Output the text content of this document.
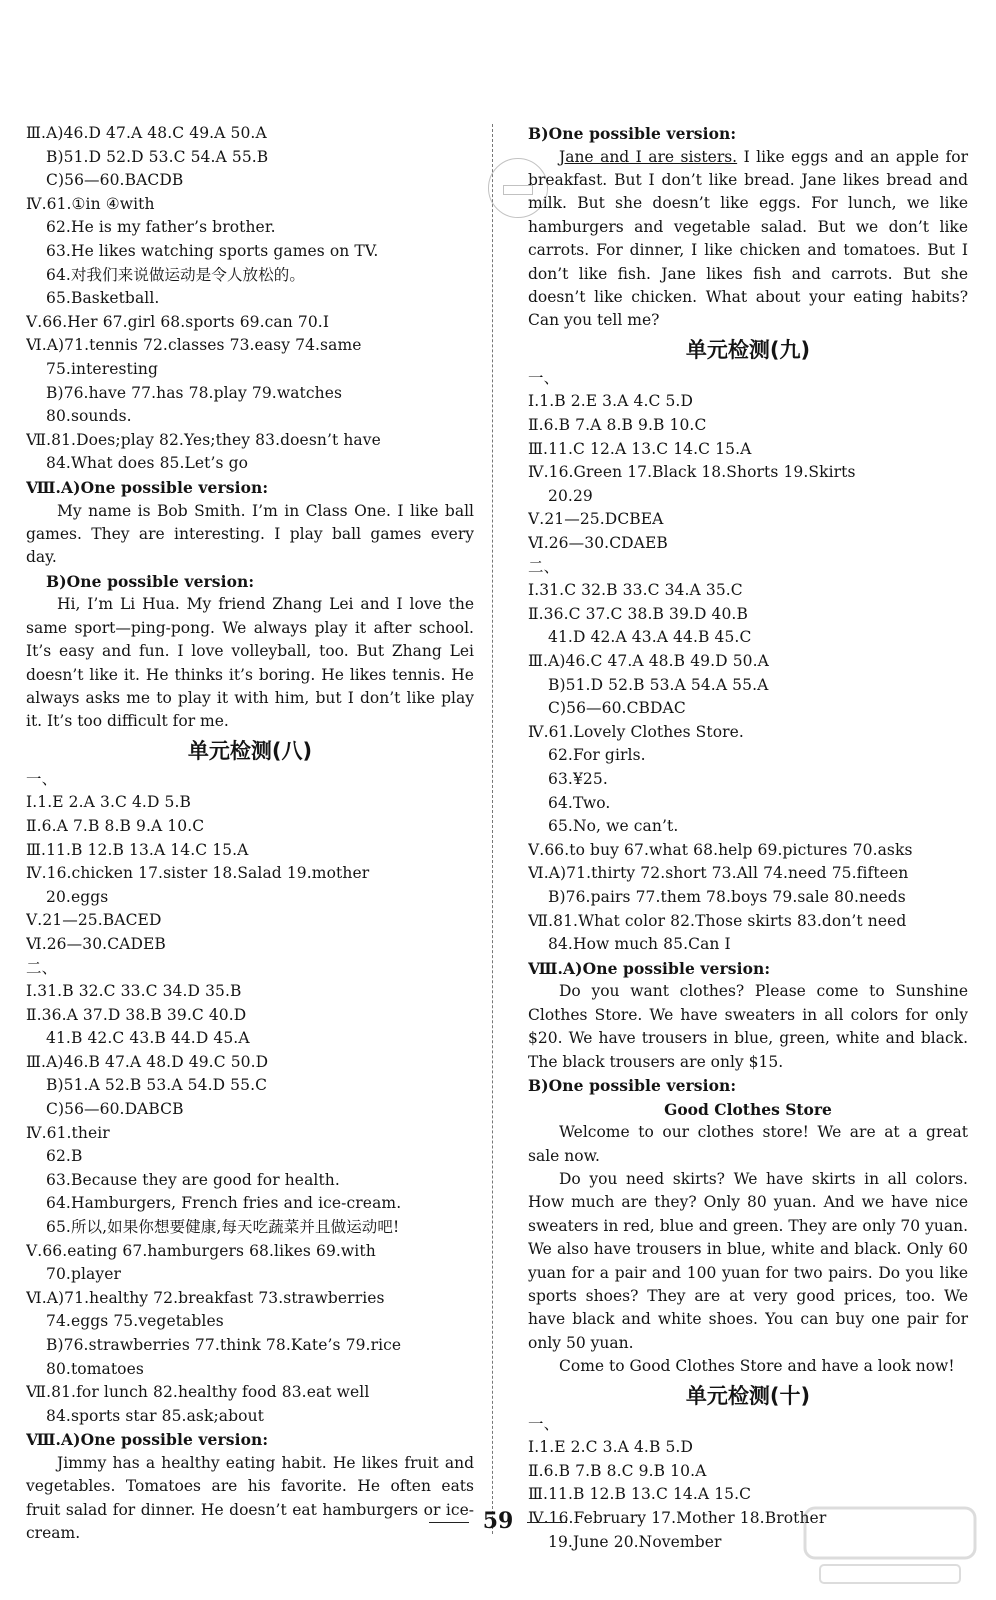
Ⅲ.A)46.D 47.A 48.C 49.A 50.A
B)51.D 52.D 53.C 54.A 55.B
C)56—60.BACDB
Ⅳ.61.①in ④with
62.He is my father’s brother.
63.He likes watching sports games on TV.
64.对我们来说做运动是令人放松的。
65.Basketball.
Ⅴ.66.Her 67.girl 68.sports 69.can 70.I
Ⅵ.A)71.tennis 72.classes 73.easy 74.same
75.interesting
B)76.have 77.has 78.play 79.watches
80.sounds.
Ⅶ.81.Does;play 82.Yes;they 83.doesn’t have
84.What does 85.Let’s go
Ⅷ.A)One possible version:

My name is Bob Smith. I’m in Class One. I like ball games. They are interesting. I play ball games every day.

B)One possible version:

Hi, I’m Li Hua. My friend Zhang Lei and I love the same sport—ping-pong. We always play it after school. It’s easy and fun. I love volleyball, too. But Zhang Lei doesn’t like it. He thinks it’s boring. He likes tennis. He always asks me to play it with him, but I don’t like play it. It’s too difficult for me.

单元检测(八)
一、
Ⅰ.1.E 2.A 3.C 4.D 5.B
Ⅱ.6.A 7.B 8.B 9.A 10.C
Ⅲ.11.B 12.B 13.A 14.C 15.A
Ⅳ.16.chicken 17.sister 18.Salad 19.mother
20.eggs
Ⅴ.21—25.BACED
Ⅵ.26—30.CADEB
二、
Ⅰ.31.B 32.C 33.C 34.D 35.B
Ⅱ.36.A 37.D 38.B 39.C 40.D
41.B 42.C 43.B 44.D 45.A
Ⅲ.A)46.B 47.A 48.D 49.C 50.D
B)51.A 52.B 53.A 54.D 55.C
C)56—60.DABCB
Ⅳ.61.their
62.B
63.Because they are good for health.
64.Hamburgers, French fries and ice-cream.
65.所以,如果你想要健康,每天吃蔬菜并且做运动吧!
Ⅴ.66.eating 67.hamburgers 68.likes 69.with
70.player
Ⅵ.A)71.healthy 72.breakfast 73.strawberries
74.eggs 75.vegetables
B)76.strawberries 77.think 78.Kate’s 79.rice
80.tomatoes
Ⅶ.81.for lunch 82.healthy food 83.eat well
84.sports star 85.ask;about
Ⅷ.A)One possible version:

Jimmy has a healthy eating habit. He likes fruit and vegetables. Tomatoes are his favorite. He often eats fruit salad for dinner. He doesn’t eat hamburgers or ice-cream.

B)One possible version:

Jane and I are sisters. I like eggs and an apple for breakfast. But I don’t like bread. Jane likes bread and milk. But she doesn’t like eggs. For lunch, we like hamburgers and vegetable salad. But we don’t like carrots. For dinner, I like chicken and tomatoes. But I don’t like fish. Jane likes fish and carrots. But she doesn’t like chicken. What about your eating habits? Can you tell me?

单元检测(九)
一、
Ⅰ.1.B 2.E 3.A 4.C 5.D
Ⅱ.6.B 7.A 8.B 9.B 10.C
Ⅲ.11.C 12.A 13.C 14.C 15.A
Ⅳ.16.Green 17.Black 18.Shorts 19.Skirts
20.29
Ⅴ.21—25.DCBEA
Ⅵ.26—30.CDAEB
二、
Ⅰ.31.C 32.B 33.C 34.A 35.C
Ⅱ.36.C 37.C 38.B 39.D 40.B
41.D 42.A 43.A 44.B 45.C
Ⅲ.A)46.C 47.A 48.B 49.D 50.A
B)51.D 52.B 53.A 54.A 55.A
C)56—60.CBDAC
Ⅳ.61.Lovely Clothes Store.
62.For girls.
63.¥25.
64.Two.
65.No, we can’t.
Ⅴ.66.to buy 67.what 68.help 69.pictures 70.asks
Ⅵ.A)71.thirty 72.short 73.All 74.need 75.fifteen
B)76.pairs 77.them 78.boys 79.sale 80.needs
Ⅶ.81.What color 82.Those skirts 83.don’t need
84.How much 85.Can I
Ⅷ.A)One possible version:

Do you want clothes? Please come to Sunshine Clothes Store. We have sweaters in all colors for only $20. We have trousers in blue, green, white and black. The black trousers are only $15.

B)One possible version:
Good Clothes Store

Welcome to our clothes store! We are at a great sale now.

Do you need skirts? We have skirts in all colors. How much are they? Only 80 yuan. And we have nice sweaters in red, blue and green. They are only 70 yuan. We also have trousers in blue, white and black. Only 60 yuan for a pair and 100 yuan for two pairs. Do you like sports shoes? They are at very good prices, too. We have black and white shoes. You can buy one pair for only 50 yuan.

Come to Good Clothes Store and have a look now!

单元检测(十)
一、
Ⅰ.1.E 2.C 3.A 4.B 5.D
Ⅱ.6.B 7.B 8.C 9.B 10.A
Ⅲ.11.B 12.B 13.C 14.A 15.C
Ⅳ.16.February 17.Mother 18.Brother
19.June 20.November
59
